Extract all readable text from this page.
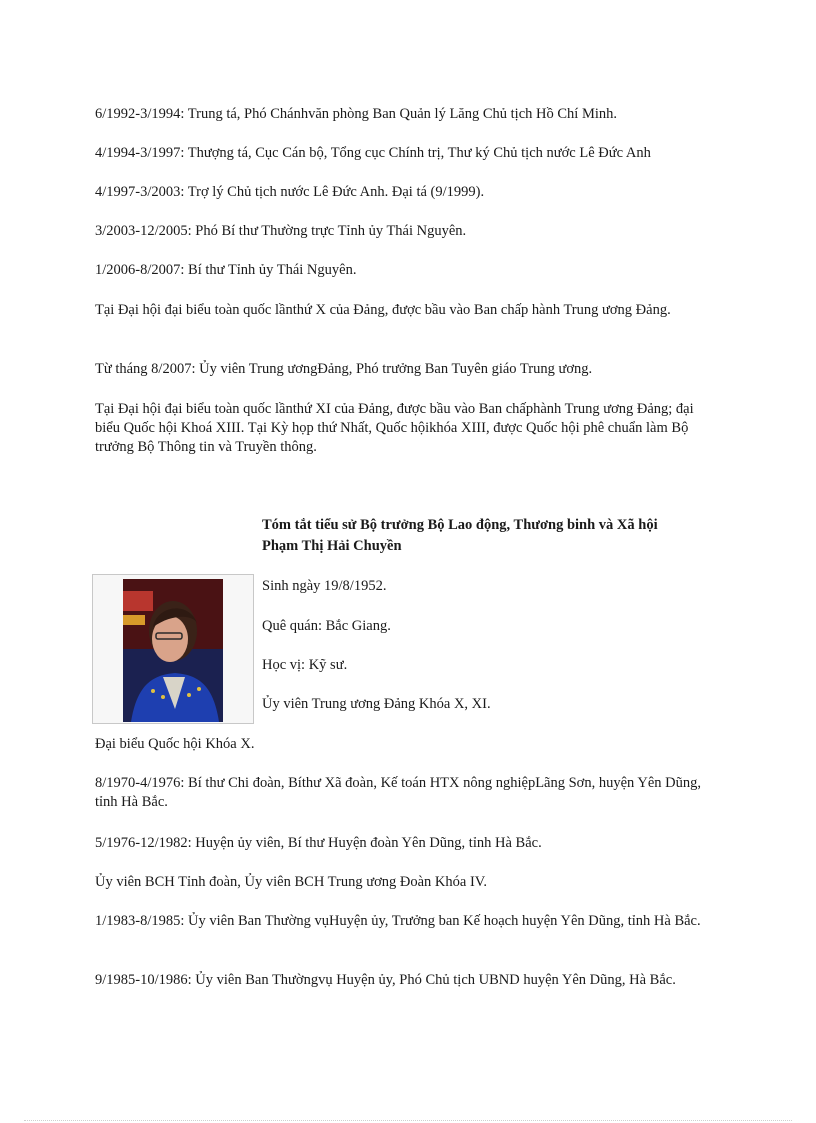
6/1992-3/1994: Trung tá, Phó Chánhvăn phòng Ban Quản lý Lăng Chủ tịch Hồ Chí Minh.

4/1994-3/1997: Thượng tá, Cục Cán bộ, Tổng cục Chính trị, Thư ký Chủ tịch nước Lê Đức Anh

4/1997-3/2003: Trợ lý Chủ tịch nước Lê Đức Anh. Đại tá (9/1999).

3/2003-12/2005: Phó Bí thư Thường trực Tỉnh ủy Thái Nguyên.

1/2006-8/2007: Bí thư Tỉnh ủy Thái Nguyên.

Tại Đại hội đại biểu toàn quốc lầnthứ X của Đảng, được bầu vào Ban chấp hành Trung ương Đảng.

Từ tháng 8/2007: Ủy viên Trung ươngĐảng, Phó trưởng Ban Tuyên giáo Trung ương.

Tại Đại hội đại biểu toàn quốc lầnthứ XI của Đảng, được bầu vào Ban chấphành Trung ương Đảng; đại biểu Quốc hội Khoá XIII. Tại Kỳ họp thứ Nhất, Quốc hộikhóa XIII, được Quốc hội phê chuẩn làm Bộ trưởng Bộ Thông tin và Truyền thông.

Tóm tắt tiểu sử Bộ trưởng Bộ Lao động, Thương binh và Xã hội
Phạm Thị Hải Chuyền

Sinh ngày 19/8/1952.

Quê quán: Bắc Giang.

Học vị: Kỹ sư.

Ủy viên Trung ương Đảng Khóa X, XI.

Đại biểu Quốc hội Khóa X.

8/1970-4/1976: Bí thư Chi đoàn, Bíthư Xã đoàn, Kế toán HTX nông nghiệpLãng Sơn, huyện Yên Dũng, tỉnh Hà Bắc.

5/1976-12/1982: Huyện ủy viên, Bí thư Huyện đoàn Yên Dũng, tỉnh Hà Bắc.

Ủy viên BCH Tỉnh đoàn, Ủy viên BCH Trung ương Đoàn Khóa IV.

1/1983-8/1985: Ủy viên Ban Thường vụHuyện ủy, Trưởng ban Kế hoạch huyện Yên Dũng, tỉnh Hà Bắc.

9/1985-10/1986: Ủy viên Ban Thườngvụ Huyện ủy, Phó Chủ tịch UBND huyện Yên Dũng, Hà Bắc.
